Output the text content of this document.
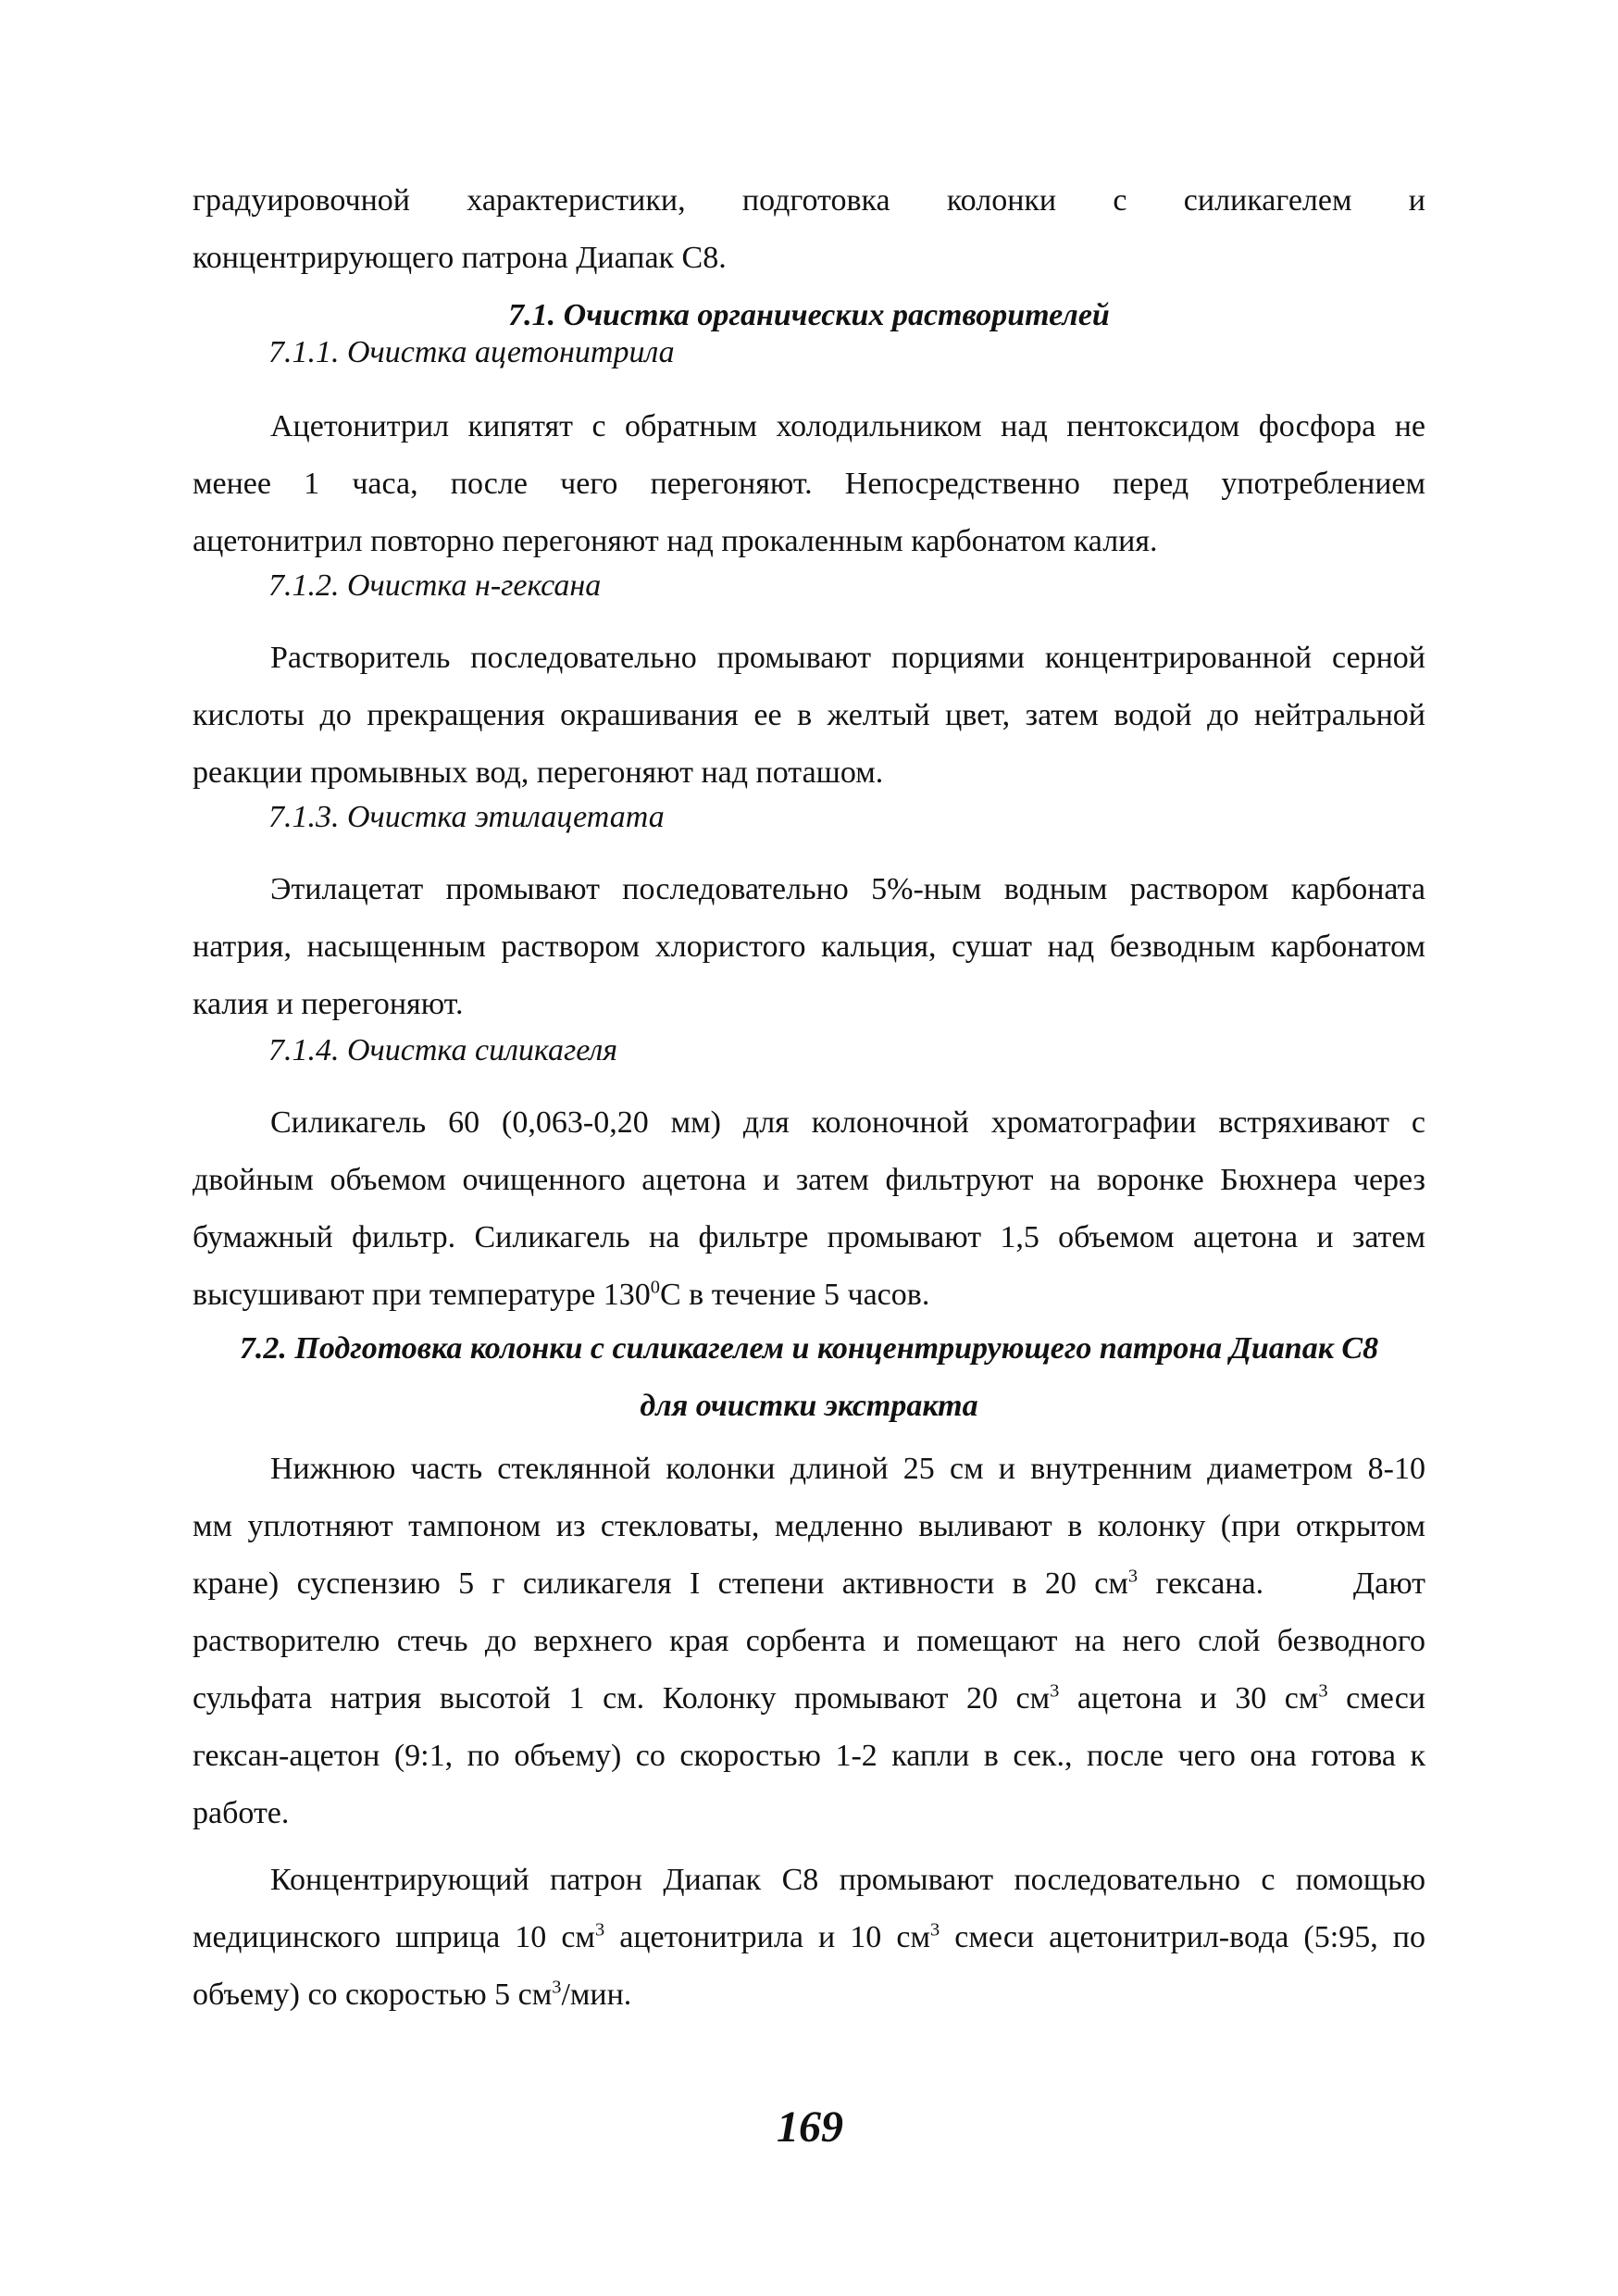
градуировочной характеристики, подготовка колонки с силикагелем и
концентрирующего патрона Диапак С8.
7.1. Очистка органических растворителей
7.1.1. Очистка ацетонитрила
Ацетонитрил кипятят с обратным холодильником над пентоксидом фосфора не
менее 1 часа, после чего перегоняют. Непосредственно перед употреблением
ацетонитрил повторно перегоняют над прокаленным карбонатом калия.
7.1.2. Очистка н-гексана
Растворитель последовательно промывают порциями концентрированной серной
кислоты до прекращения окрашивания ее в желтый цвет, затем водой до нейтральной
реакции промывных вод, перегоняют над поташом.
7.1.3. Очистка этилацетата
Этилацетат промывают последовательно 5%-ным водным раствором карбоната
натрия, насыщенным раствором хлористого кальция, сушат над безводным карбонатом
калия и перегоняют.
7.1.4. Очистка силикагеля
Силикагель 60 (0,063-0,20 мм) для колоночной хроматографии встряхивают с
двойным объемом очищенного ацетона и затем фильтруют на воронке Бюхнера через
бумажный фильтр. Силикагель на фильтре промывают 1,5 объемом ацетона и затем
высушивают при температуре $130^0С$ в течение 5 часов.
7.2. Подготовка колонки с силикагелем и концентрирующего патрона Диапак С8
для очистки экстракта
Нижнюю часть стеклянной колонки длиной 25 см и внутренним диаметром 8-10
мм уплотняют тампоном из стекловаты, медленно выливают в колонку (при открытом
кране) суспензию 5 г силикагеля I степени активности в 20 $см^3$ гексана.	Дают
растворителю стечь до верхнего края сорбента и помещают на него слой безводного
сульфата натрия высотой 1 см. Колонку промывают 20 $см^3$ ацетона и 30 $см^3$ смеси
гексан-ацетон (9:1, по объему) со скоростью 1-2 капли в сек., после чего она готова к
работе.
Концентрирующий патрон Диапак С8 промывают последовательно с помощью
медицинского шприца 10 $см^3$ ацетонитрила и 10 $см^3$ смеси ацетонитрил-вода (5:95, по
объему) со скоростью 5 $см^3$/мин.
169
